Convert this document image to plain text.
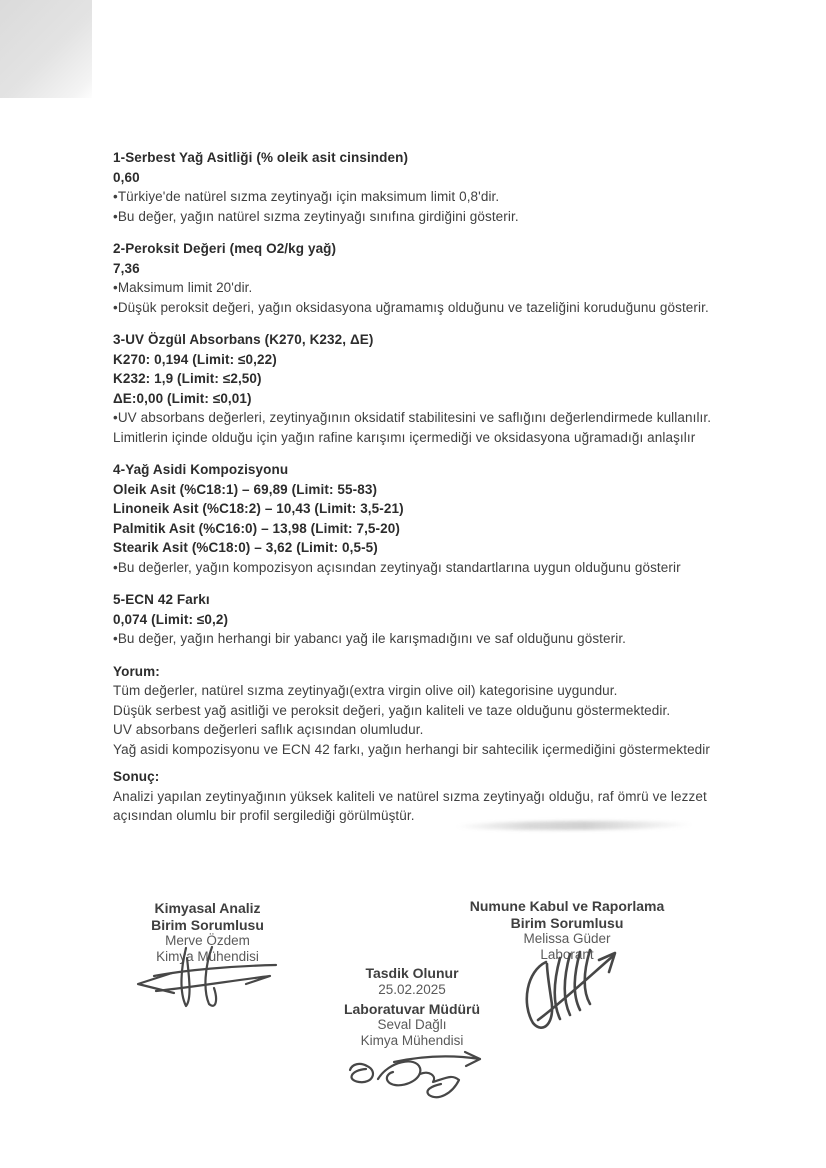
1-Serbest Yağ Asitliği (% oleik asit cinsinden)
0,60
•Türkiye'de natürel sızma zeytinyağı için maksimum limit 0,8'dir.
•Bu değer, yağın natürel sızma zeytinyağı sınıfına girdiğini gösterir.
2-Peroksit Değeri (meq O2/kg yağ)
7,36
•Maksimum limit 20'dir.
•Düşük peroksit değeri, yağın oksidasyona uğramamış olduğunu ve tazeliğini koruduğunu gösterir.
3-UV Özgül Absorbans (K270, K232, ΔE)
K270: 0,194 (Limit: ≤0,22)
K232: 1,9 (Limit: ≤2,50)
ΔE:0,00 (Limit: ≤0,01)
•UV absorbans değerleri, zeytinyağının oksidatif stabilitesini ve saflığını değerlendirmede kullanılır.
Limitlerin içinde olduğu için yağın rafine karışımı içermediği ve oksidasyona uğramadığı anlaşılır
4-Yağ Asidi Kompozisyonu
Oleik Asit (%C18:1) – 69,89 (Limit: 55-83)
Linoneik Asit (%C18:2) – 10,43 (Limit: 3,5-21)
Palmitik Asit (%C16:0) – 13,98 (Limit: 7,5-20)
Stearik Asit (%C18:0) – 3,62 (Limit: 0,5-5)
•Bu değerler, yağın kompozisyon açısından zeytinyağı standartlarına uygun olduğunu gösterir
5-ECN 42 Farkı
0,074 (Limit: ≤0,2)
•Bu değer, yağın herhangi bir yabancı yağ ile karışmadığını ve saf olduğunu gösterir.
Yorum:
Tüm değerler, natürel sızma zeytinyağı(extra virgin olive oil) kategorisine uygundur.
Düşük serbest yağ asitliği ve peroksit değeri, yağın kaliteli ve taze olduğunu göstermektedir.
UV absorbans değerleri saflık açısından olumludur.
Yağ asidi kompozisyonu ve ECN 42 farkı, yağın herhangi bir sahtecilik içermediğini göstermektedir
Sonuç:
Analizi yapılan zeytinyağının yüksek kaliteli ve natürel sızma zeytinyağı olduğu, raf ömrü ve lezzet
açısından olumlu bir profil sergilediği görülmüştür.
Kimyasal Analiz
Birim Sorumlusu
Merve Özdem
Kimya Mühendisi
Numune Kabul ve Raporlama
Birim Sorumlusu
Melissa Güder
Laborant
Tasdik Olunur
25.02.2025
Laboratuvar Müdürü
Seval Dağlı
Kimya Mühendisi
